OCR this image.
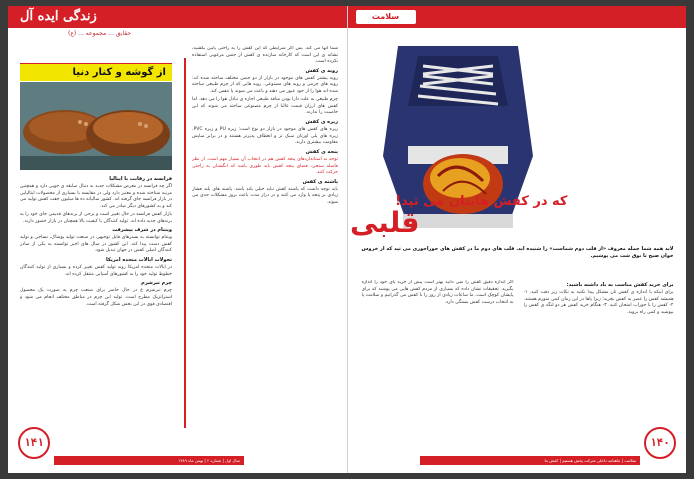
زندگی ایده آل
حقایق ... مجموعه ... (ع)
از گوشه و کنار دنیا

فرانسه در رقابت با ایتالیا

اگر چه فرانسه در معرض مشکلات جدید به دنبال سابقه ی خوبی دارد و همچنین مرتبه شناخته شده و معتبر دارد ولی در مقایسه با بسیاری از محصولات ایتالیایی در بازار فرانسه جای گرفته اند. کشور سالیانه ده ها میلیون جفت کفش تولید می کند و به کشورهای دیگر صادر می کند.

بازار کفش فرانسه در حال تغییر است و برخی از برندهای قدیمی جای خود را به برندهای جدید داده اند. تولید کنندگان با کیفیت بالا همچنان در بازار حضور دارند.

ویتنام در شرف پیشرفت

ویتنام توانسته به بسترهای فایل توجیهی در صنعت تولید پوشاک، نساجی و تولید کفش دست پیدا کند. این کشور در سال های اخیر توانسته به یکی از صادر کنندگان اصلی کفش در جهان تبدیل شود.

تحولات ایالات متحده امریکا

در ایالات متحده امریکا روند تولید کفش تغییر کرده و بسیاری از تولید کنندگان خطوط تولید خود را به کشورهای آسیایی منتقل کرده اند.

چرم تبرشرم

چرم تبرشرم ع در حال حاضر برای صنعت چرم به صورت یک محصول استراتژیک مطرح است. تولید این چرم در مناطق مختلف انجام می شود و اقتصادی قوی در این بخش شکل گرفته است.

شما آنها می کند. پس اگر شرایطی که این کفش را به راحتی پایین بکشید، نشانه ی این است که کارخانه سازنده ی کفش از جنس مرغوبی استفاده نکرده است.

رویه ی کفش

رویه بیشتر کفش های موجود در بازار از دو جنس مختلف ساخته شده اند: رویه های چرمی و رویه های مصنوعی. رویه هایی که از چرم طبیعی ساخته شده اند هوا را از خود عبور می دهند و باعث می شوند پا تنفس کند.

چرم طبیعی به علت دارا بودن منافذ طبیعی اجازه ی تبادل هوا را می دهد. اما کفش های ارزان قیمت غالبا از چرم مصنوعی ساخته می شوند که این خاصیت را ندارند.

زیره ی کفش

زیره های کفش های موجود در بازار دو نوع است: زیره PU و زیره PVC. زیره های پلی اورتان سبک تر و انعطاف پذیرتر هستند و در برابر سایش مقاومت بیشتری دارند.

پنجه ی کفش

توجه به استانداردهای پنجه کفش هم در انتخاب آن بسیار مهم است. از نظر فاصله سنجی، فضای پنجه کفش باید طوری باشد که انگشتان به راحتی حرکت کنند.

پاشنه ی کفش

باید توجه داشت که پاشنه کفش نباید خیلی بلند باشد. پاشنه های بلند فشار زیادی بر پنجه پا وارد می کنند و در دراز مدت باعث بروز مشکلات جدی می شوند.

۱۴۱
سال اول | شماره ۲ | بهمن ماه ۱۳۸۹
سلامت
که در کفش هایتان می تپد!
قلبی
لابد همه شما جمله معروف «از قلب دوم شماست» را شنیده اید. قلب های دوم ما در کفش های جوراجوری می تپد که از خروس خوان صبح تا بوق شب می پوشیم.

برای خرید کفش مناسب به یاد داشته باشید:

برای اینکه با اندازه ی کفش تان مشکل پیدا نکنید به نکات زیر دقت کنید. ۱- همیشه کفش را عصر به کفش بخرید؛ زیرا پاها در این زمان کمی متورم هستند. ۲- کفش را با جوراب امتحان کنید. ۳- هنگام خرید کفش هر دو لنگه ی کفش را بپوشید و کمی راه بروید.

اگر اندازه دقیق کفش را نمی دانید بهتر است پیش از خرید پای خود را اندازه بگیرید. تحقیقات نشان داده که بسیاری از مردم کفش هایی می پوشند که برای پایشان کوچک است. ما ساعات زیادی از روز را با کفش می گذرانیم و سلامت پا به انتخاب درست کفش بستگی دارد.

۱۴۰
سلامت | ماهنامه داخلی شرکت پخش هستیم | کفش ما
